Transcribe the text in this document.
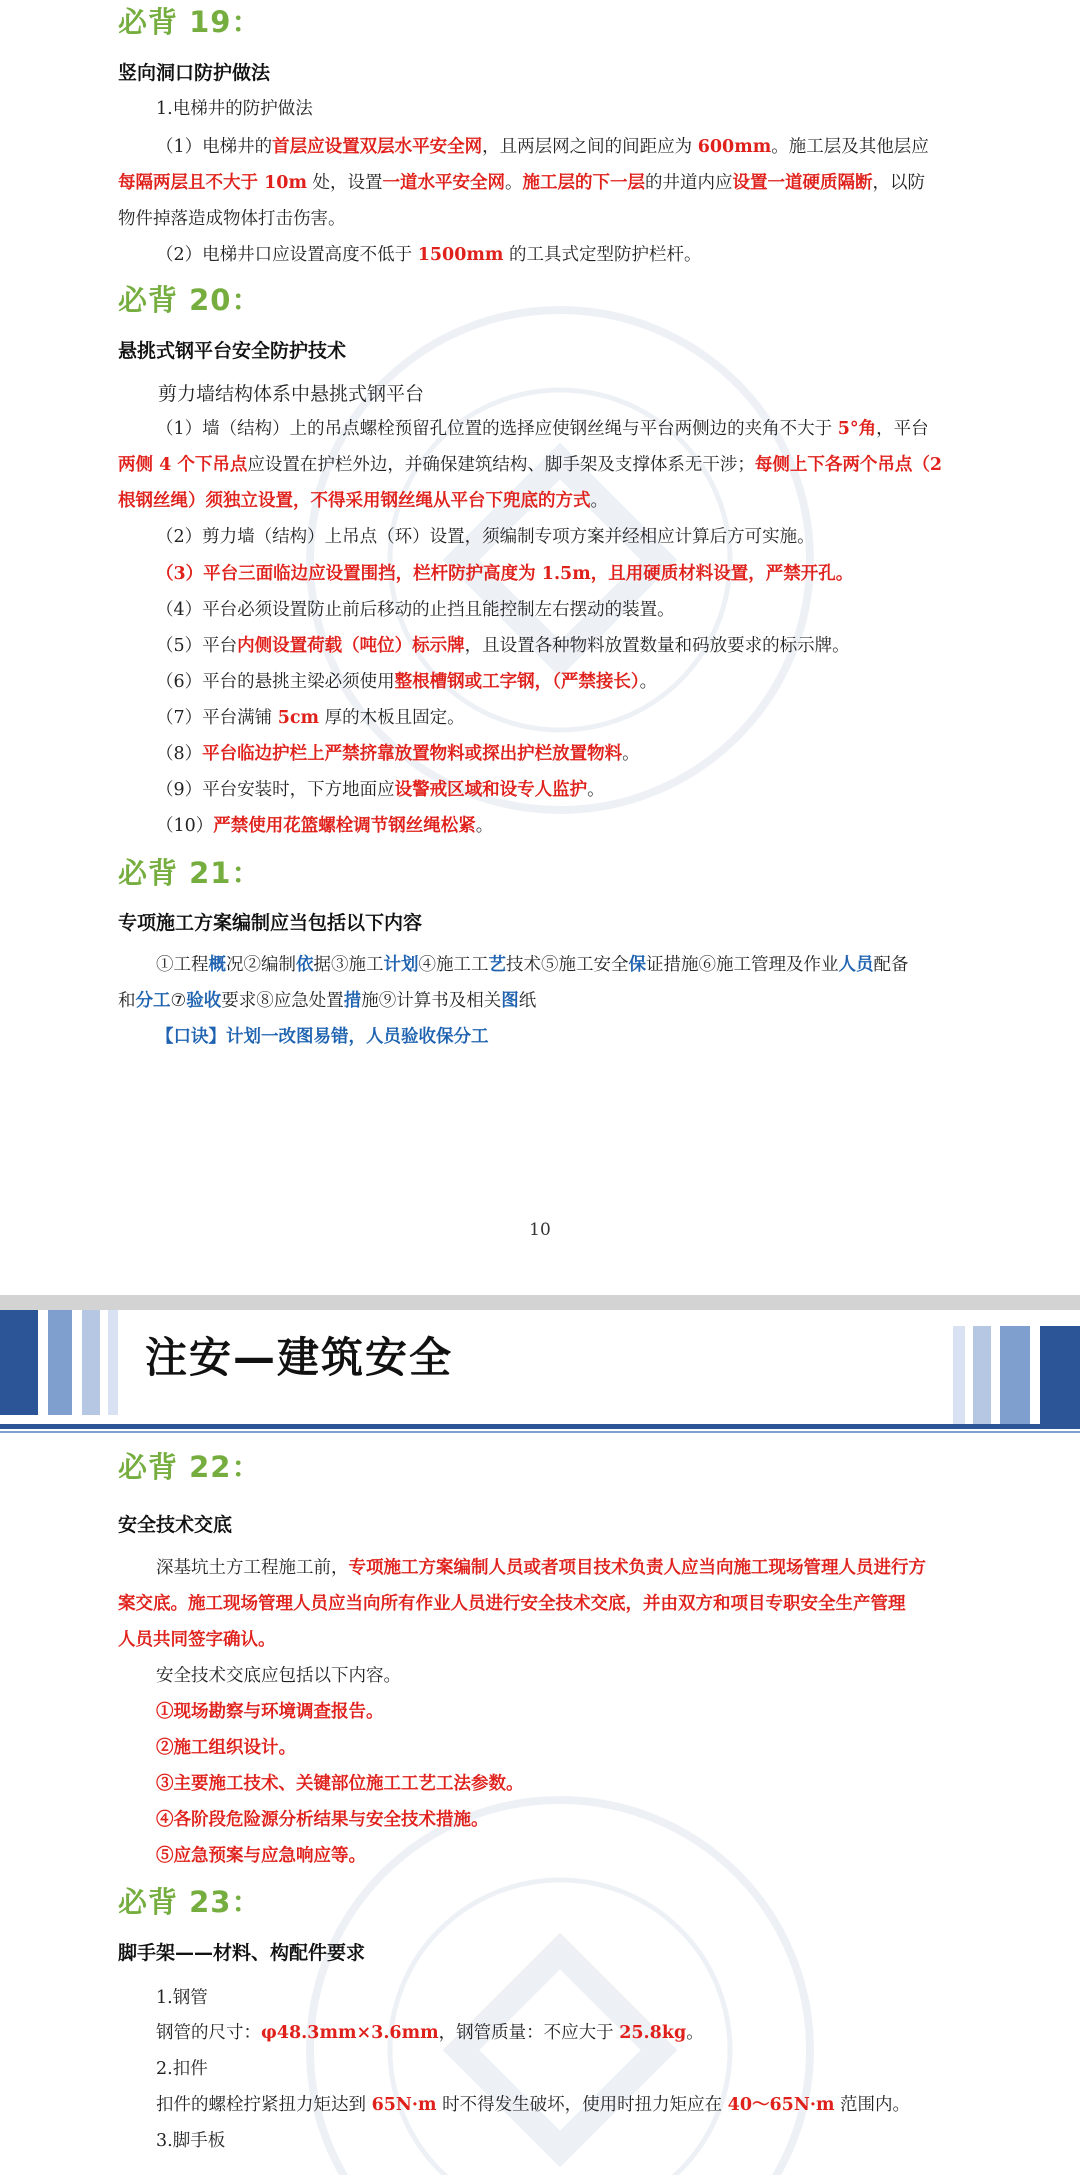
必背 19：
竖向洞口防护做法
1.电梯井的防护做法
（1）电梯井的首层应设置双层水平安全网，且两层网之间的间距应为 600mm。施工层及其他层应
每隔两层且不大于 10m 处，设置一道水平安全网。施工层的下一层的井道内应设置一道硬质隔断，以防
物件掉落造成物体打击伤害。
（2）电梯井口应设置高度不低于 1500mm 的工具式定型防护栏杆。
必背 20：
悬挑式钢平台安全防护技术
剪力墙结构体系中悬挑式钢平台
（1）墙（结构）上的吊点螺栓预留孔位置的选择应使钢丝绳与平台两侧边的夹角不大于 5°角，平台
两侧 4 个下吊点应设置在护栏外边，并确保建筑结构、脚手架及支撑体系无干涉；每侧上下各两个吊点（2
根钢丝绳）须独立设置，不得采用钢丝绳从平台下兜底的方式。
（2）剪力墙（结构）上吊点（环）设置，须编制专项方案并经相应计算后方可实施。
（3）平台三面临边应设置围挡，栏杆防护高度为 1.5m，且用硬质材料设置，严禁开孔。
（4）平台必须设置防止前后移动的止挡且能控制左右摆动的装置。
（5）平台内侧设置荷载（吨位）标示牌，且设置各种物料放置数量和码放要求的标示牌。
（6）平台的悬挑主梁必须使用整根槽钢或工字钢，（严禁接长）。
（7）平台满铺 5cm 厚的木板且固定。
（8）平台临边护栏上严禁挤靠放置物料或探出护栏放置物料。
（9）平台安装时，下方地面应设警戒区域和设专人监护。
（10）严禁使用花篮螺栓调节钢丝绳松紧。
必背 21：
专项施工方案编制应当包括以下内容
①工程概况②编制依据③施工计划④施工工艺技术⑤施工安全保证措施⑥施工管理及作业人员配备
和分工⑦验收要求⑧应急处置措施⑨计算书及相关图纸
【口诀】计划一改图易错，人员验收保分工
10
注安—建筑安全
必背 22：
安全技术交底
深基坑土方工程施工前，专项施工方案编制人员或者项目技术负责人应当向施工现场管理人员进行方
案交底。施工现场管理人员应当向所有作业人员进行安全技术交底，并由双方和项目专职安全生产管理
人员共同签字确认。
安全技术交底应包括以下内容。
①现场勘察与环境调查报告。
②施工组织设计。
③主要施工技术、关键部位施工工艺工法参数。
④各阶段危险源分析结果与安全技术措施。
⑤应急预案与应急响应等。
必背 23：
脚手架——材料、构配件要求
1.钢管
钢管的尺寸：φ48.3mm×3.6mm，钢管质量：不应大于 25.8kg。
2.扣件
扣件的螺栓拧紧扭力矩达到 65N·m 时不得发生破坏，使用时扭力矩应在 40～65N·m 范围内。
3.脚手板
